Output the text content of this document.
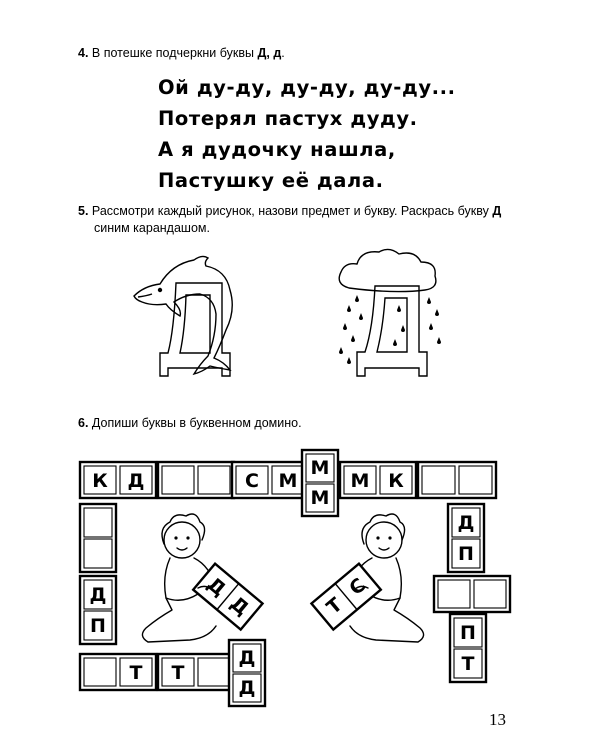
4. В потешке подчеркни буквы Д, д.
Ой ду-ду, ду-ду, ду-ду...
Потерял пастух дуду.
А я дудочку нашла,
Пастушку её дала.
5. Рассмотри каждый рисунок, назови предмет и букву. Раскрась букву Д
синим карандашом.
6. Допиши буквы в буквенном домино.
К Д	С М
М
М
М К
Д
П
Т Т
Д
Д
Д
П
П
Т
Д
Д	Т
С
13
